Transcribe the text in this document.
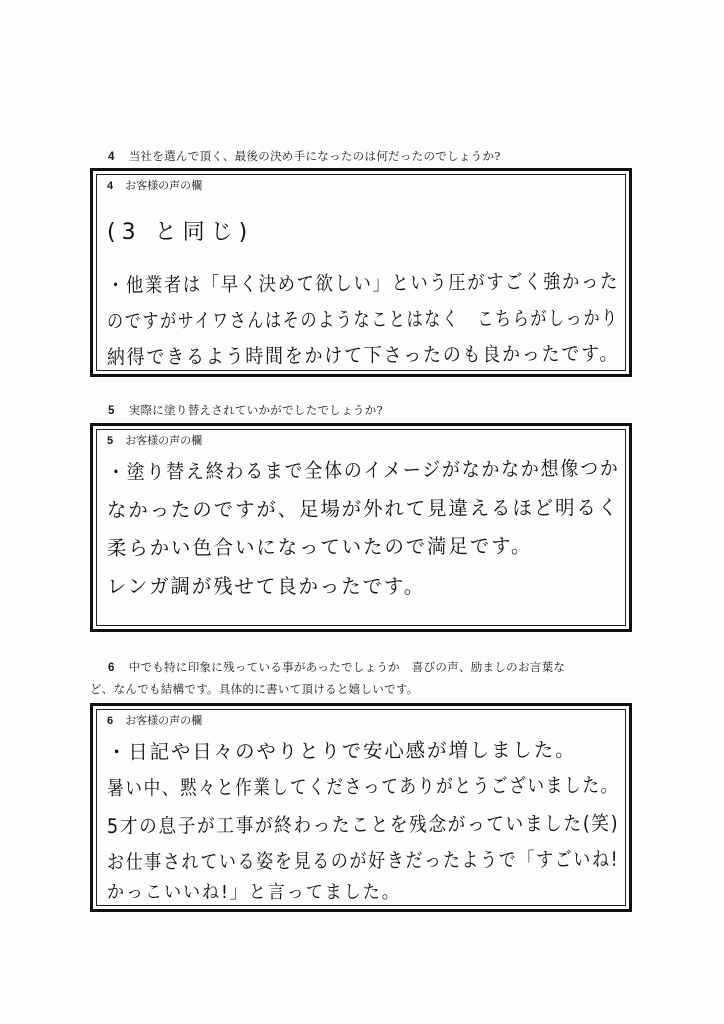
4 当社を選んで頂く、最後の決め手になったのは何だったのでしょうか?
4 お客様の声の欄
(3 と同じ)
・他業者は「早く決めて欲しい」という圧がすごく強かった
のですがサイワさんはそのようなことはなく　こちらがしっかり
納得できるよう時間をかけて下さったのも良かったです。
5 実際に塗り替えされていかがでしたでしょうか?
5 お客様の声の欄
・塗り替え終わるまで全体のイメージがなかなか想像つか
なかったのですが、足場が外れて見違えるほど明るく
柔らかい色合いになっていたので満足です。
レンガ調が残せて良かったです。
6 中でも特に印象に残っている事があったでしょうか　喜びの声、励ましのお言葉な
ど、なんでも結構です。具体的に書いて頂けると嬉しいです。
6 お客様の声の欄
・日記や日々のやりとりで安心感が増しました。
暑い中、黙々と作業してくださってありがとうございました。
5才の息子が工事が終わったことを残念がっていました(笑)
お仕事されている姿を見るのが好きだったようで「すごいね!
かっこいいね!」と言ってました。
